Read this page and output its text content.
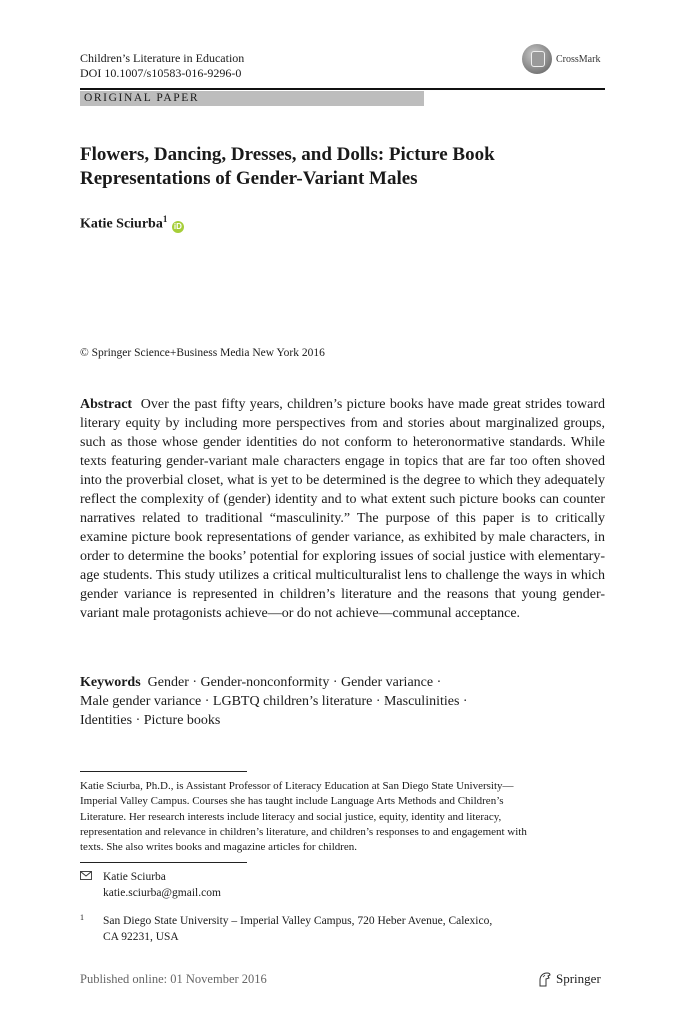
Children’s Literature in Education
DOI 10.1007/s10583-016-9296-0
CrossMark
ORIGINAL PAPER
Flowers, Dancing, Dresses, and Dolls: Picture Book
Representations of Gender-Variant Males
Katie Sciurba$^1$ iD
© Springer Science+Business Media New York 2016
Abstract Over the past fifty years, children’s picture books have made great strides toward literary equity by including more perspectives from and stories about marginalized groups, such as those whose gender identities do not conform to heteronormative standards. While texts featuring gender-variant male characters engage in topics that are far too often shoved into the proverbial closet, what is yet to be determined is the degree to which they adequately reflect the complexity of (gender) identity and to what extent such picture books can counter narratives related to traditional “masculinity.” The purpose of this paper is to critically examine picture book representations of gender variance, as exhibited by male characters, in order to determine the books’ potential for exploring issues of social justice with elementary-age students. This study utilizes a critical multiculturalist lens to challenge the ways in which gender variance is represented in children’s literature and the reasons that young gender-variant male protagonists achieve—or do not achieve—communal acceptance.
Keywords Gender · Gender-nonconformity · Gender variance ·
Male gender variance · LGBTQ children’s literature · Masculinities ·
Identities · Picture books
Katie Sciurba, Ph.D., is Assistant Professor of Literacy Education at San Diego State University—
Imperial Valley Campus. Courses she has taught include Language Arts Methods and Children’s
Literature. Her research interests include literacy and social justice, equity, identity and literacy,
representation and relevance in children’s literature, and children’s responses to and engagement with
texts. She also writes books and magazine articles for children.
Katie Sciurba
katie.sciurba@gmail.com
1	San Diego State University – Imperial Valley Campus, 720 Heber Avenue, Calexico,
CA 92231, USA
Published online: 01 November 2016	Springer
